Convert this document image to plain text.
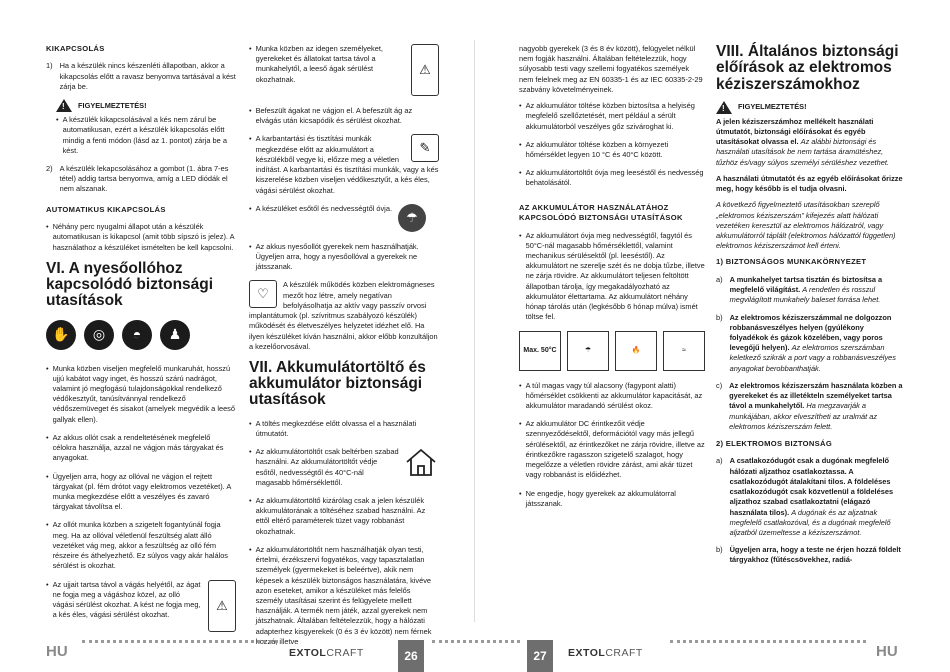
KIKAPCSOLÁS
1) Ha a készülék nincs készenléti állapotban, akkor a kikapcsolás előtt a ravasz benyomva tartásával a kést zárja be.
!
FIGYELMEZTETÉS!
• A készülék kikapcsolásával a kés nem zárul be automatikusan, ezért a készülék kikapcsolás előtt mindig a fenti módon (lásd az 1. pontot) zárja be a kést.
2) A készülék lekapcsolásához a gombot (1. ábra 7-es tétel) addig tartsa benyomva, amíg a LED diódák el nem alszanak.
AUTOMATIKUS KIKAPCSOLÁS
• Néhány perc nyugalmi állapot után a készülék automatikusan is kikapcsol (amit több sípszó is jelez). A használathoz a készüléket ismételten be kell kapcsolni.
VI. A nyesőollóhoz kapcsolódó biztonsági utasítások
✋	◎	◓	♟
• Munka közben viseljen megfelelő munkaruhát, hosszú ujjú kabátot vagy inget, és hosszú szárú nadrágot, valamint jó megfogású tulajdonságokkal rendelkező védőkesztyűt, tanúsítvánnyal rendelkező védőszemüveget és sisakot (amelyek megvédik a leeső gallyak ellen).
• Az akkus ollót csak a rendeltetésének megfelelő célokra használja, azzal ne vágjon más tárgyakat és anyagokat.
• Ügyeljen arra, hogy az ollóval ne vágjon el rejtett tárgyakat (pl. fém drótot vagy elektromos vezetéket). A munka megkezdése előtt a veszélyes és zavaró tárgyakat távolítsa el.
• Az ollót munka közben a szigetelt fogantyúnál fogja meg. Ha az ollóval véletlenül feszültség alatt álló vezetéket vág meg, akkor a feszültség az olló fém részeire és áthelyezhető. Ez súlyos vagy akár halálos sérülést is okozhat.
•
⚠
Az ujjait tartsa távol a vágás helyétől, az ágat ne fogja meg a vágáshoz közel, az olló vágási sérülést okozhat. A kést ne fogja meg, a kés éles, vágási sérülést okozhat.
•
⚠
Munka közben az idegen személyeket, gyerekeket és állatokat tartsa távol a munkahelytől, a leeső ágak sérülést okozhatnak.
• Befeszült ágakat ne vágjon el. A befeszült ág az elvágás után kicsapódik és sérülést okozhat.
•
✎
A karbantartási és tisztítási munkák megkezdése előtt az akkumulátort a készülékből vegye ki, előzze meg a véletlen indítást. A karbantartási és tisztítási munkák, vagy a kés kiszerelése közben viseljen védőkesztyűt, a kés éles, vágási sérülést okozhat.
•
☂
A készüléket esőtől és nedvességtől óvja.
• Az akkus nyesőollót gyerekek nem használhatják. Ügyeljen arra, hogy a nyesőollóval a gyerekek ne játsszanak.

♡
A készülék működés közben elektromágneses mezőt hoz létre, amely negatívan befolyásolhatja az aktív vagy passzív orvosi implantátumok (pl. szívritmus szabályozó készülék) működését és életveszélyes helyzetet idézhet elő. Ha ilyen készüléket kíván használni, akkor előbb konzultáljon a kezelőorvosával.

VII. Akkumulátortöltő és akkumulátor biztonsági utasítások
• A töltés megkezdése előtt olvassa el a használati útmutatót.
• Az akkumulátortöltőt csak beltérben szabad használni. Az akkumulátortöltőt védje esőtől, nedvességtől és 40°C-nál magasabb hőmérséklettől.
• Az akkumulátortöltő kizárólag csak a jelen készülék akkumulátorának a töltéséhez szabad használni. Az ettől eltérő paraméterek tüzet vagy robbanást okozhatnak.
• Az akkumulátortöltőt nem használhatják olyan testi, értelmi, érzékszervi fogyatékos, vagy tapasztalatlan személyek (gyermekeket is beleértve), akik nem képesek a készülék biztonságos használatára, kivéve azon eseteket, amikor a készüléket más felelős személy utasításai szerint és felügyelete mellett használják. A termék nem játék, azzal gyerekek nem játszhatnak. Általában feltételezzük, hogy a hálózati adapterhez kisgyerekek (0 és 3 év között) nem férnek hozzá, illetve

nagyobb gyerekek (3 és 8 év között), felügyelet nélkül nem fogják használni. Általában feltételezzük, hogy súlyosabb testi vagy szellemi fogyatékos személyek nem felelnek meg az EN 60335-1 és az IEC 60335-2-29 szabvány követelményeinek.

• Az akkumulátor töltése közben biztosítsa a helyiség megfelelő szellőztetését, mert például a sérült akkumulátorból veszélyes gőz szivároghat ki.
• Az akkumulátor töltése közben a környezeti hőmérséklet legyen 10 °C és 40°C között.
• Az akkumulátortöltőt óvja meg leeséstől és nedvesség behatolásától.
AZ AKKUMULÁTOR HASZNÁLATÁHOZ KAPCSOLÓDÓ BIZTONSÁGI UTASÍTÁSOK
• Az akkumulátort óvja meg nedvességtől, fagytól és 50°C-nál magasabb hőmérséklettől, valamint mechanikus sérülésektől (pl. leeséstől). Az akkumulátort ne szerelje szét és ne dobja tűzbe, illetve ne zárja rövidre. Az akkumulátort teljesen feltöltött állapotban tárolja, így megakadályozható az akkumulátor élettartama. Az akkumulátort néhány hónap tárolás után (legkésőbb 6 hónap múlva) ismét töltse fel.
Max. 50°C	☂	🔥	≈
• A túl magas vagy túl alacsony (fagypont alatti) hőmérséklet csökkenti az akkumulátor kapacitását, az akkumulátor maradandó sérülést okoz.
• Az akkumulátor DC érintkezőit védje szennyeződésektől, deformációtól vagy más jellegű sérülésektől, az érintkezőket ne zárja rövidre, illetve az érintkezőkre ragasszon szigetelő szalagot, hogy megelőzze a véletlen rövidre zárást, ami akár tüzet vagy robbanást is előidézhet.
• Ne engedje, hogy gyerekek az akkumulátorral játsszanak.
VIII. Általános biztonsági előírások az elektromos kéziszerszámokhoz
!
FIGYELMEZTETÉS!

A jelen kéziszerszámhoz mellékelt használati útmutatót, biztonsági előírásokat és egyéb utasításokat olvassa el. Az alábbi biztonsági és használati utasítások be nem tartása áramütéshez, tűzhöz és/vagy súlyos személyi sérüléshez vezethet.

A használati útmutatót és az egyéb előírásokat őrizze meg, hogy később is el tudja olvasni.

A következő figyelmeztető utasításokban szereplő „elektromos kéziszerszám” kifejezés alatt hálózati vezetéken keresztül az elektromos hálózatról, vagy akkumulátorról táplált (elektromos hálózattól független) elektromos kéziszerszámot kell érteni.

1) BIZTONSÁGOS MUNKAKÖRNYEZET
a) A munkahelyet tartsa tisztán és biztosítsa a megfelelő világítást. A rendetlen és rosszul megvilágított munkahely baleset forrása lehet.
b) Az elektromos kéziszerszámmal ne dolgozzon robbanásveszélyes helyen (gyúlékony folyadékok és gázok közelében, vagy poros levegőjű helyen). Az elektromos szerszámban keletkező szikrák a port vagy a robbanásveszélyes anyagokat berobbanthatják.
c) Az elektromos kéziszerszám használata közben a gyerekeket és az illetékteln személyeket tartsa távol a munkahelytől. Ha megzavarják a munkájában, akkor elveszítheti az uralmát az elektromos kéziszerszám felett.
2) ELEKTROMOS BIZTONSÁG
a) A csatlakozódugót csak a dugónak megfelelő hálózati aljzathoz csatlakoztassa. A csatlakozódugót átalakítani tilos. A földeléses csatlakozódugót csak közvetlenül a földeléses aljzathoz szabad csatlakoztatni (elágazó használata tilos). A dugónak és az aljzatnak megfelelő csatlakozóval, és a dugónak megfelelő aljzatból üzemeltesse a kéziszerszámot.
b) Ügyeljen arra, hogy a teste ne érjen hozzá földelt tárgyakhoz (fűtéscsövekhez, radiá-
HU	EXTOLCRAFT	26	27	EXTOLCRAFT	HU
